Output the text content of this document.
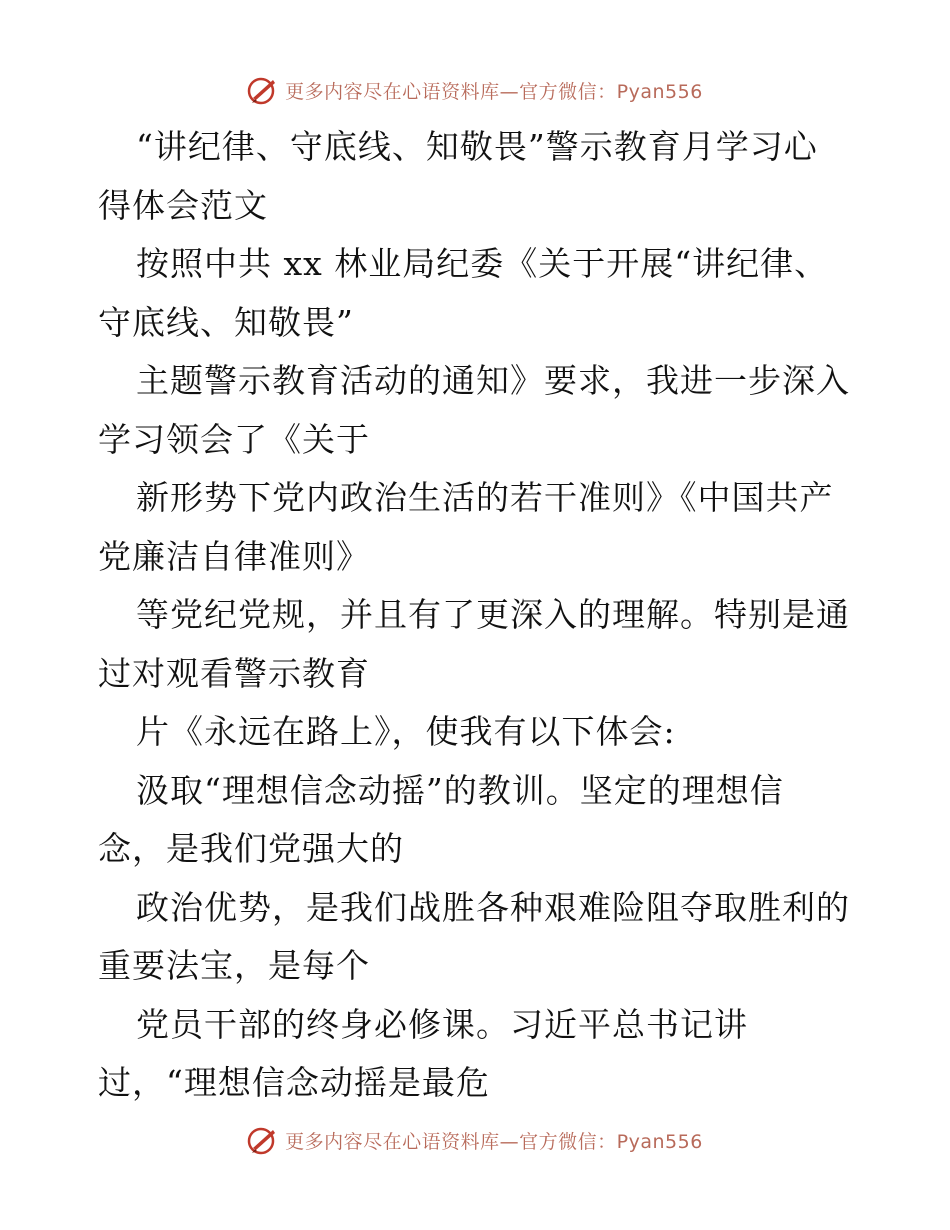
更多内容尽在心语资料库—官方微信：Pyan556
“讲纪律、守底线、知敬畏”警示教育月学习心
得体会范文
按照中共 xx 林业局纪委《关于开展“讲纪律、
守底线、知敬畏”
主题警示教育活动的通知》要求，我进一步深入
学习领会了《关于
新形势下党内政治生活的若干准则》《中国共产
党廉洁自律准则》
等党纪党规，并且有了更深入的理解。特别是通
过对观看警示教育
片《永远在路上》，使我有以下体会:
汲取“理想信念动摇”的教训。坚定的理想信
念，是我们党强大的
政治优势，是我们战胜各种艰难险阻夺取胜利的
重要法宝，是每个
党员干部的终身必修课。习近平总书记讲
过，“理想信念动摇是最危
更多内容尽在心语资料库—官方微信：Pyan556
